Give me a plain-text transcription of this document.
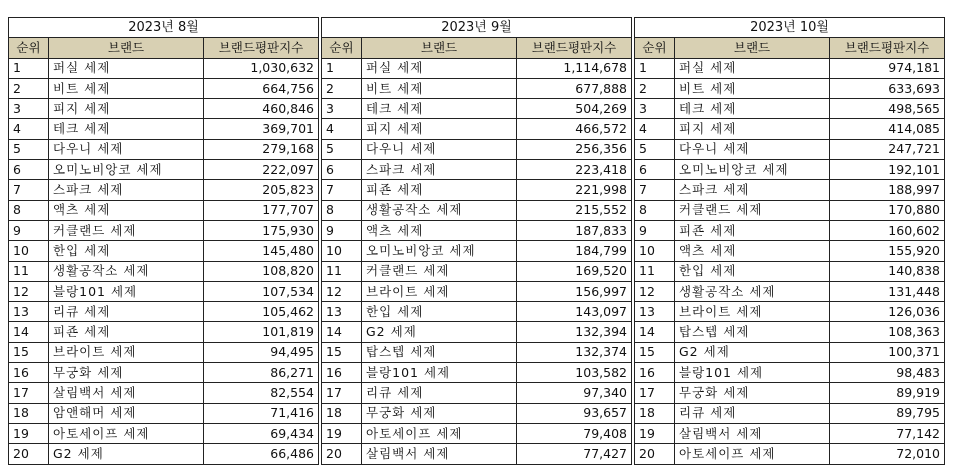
2023년 8월		
순위	브랜드	브랜드평판지수
1	퍼실 세제	1,030,632
2	비트 세제	664,756
3	피지 세제	460,846
4	테크 세제	369,701
5	다우니 세제	279,168
6	오미노비앙코 세제	222,097
7	스파크 세제	205,823
8	액츠 세제	177,707
9	커클랜드 세제	175,930
10	한입 세제	145,480
11	생활공작소 세제	108,820
12	블랑101 세제	107,534
13	리큐 세제	105,462
14	피죤 세제	101,819
15	브라이트 세제	94,495
16	무궁화 세제	86,271
17	살림백서 세제	82,554
18	암앤해머 세제	71,416
19	아토세이프 세제	69,434
20	G2 세제	66,486
2023년 9월		
순위	브랜드	브랜드평판지수
1	퍼실 세제	1,114,678
2	비트 세제	677,888
3	테크 세제	504,269
4	피지 세제	466,572
5	다우니 세제	256,356
6	스파크 세제	223,418
7	피죤 세제	221,998
8	생활공작소 세제	215,552
9	액츠 세제	187,833
10	오미노비앙코 세제	184,799
11	커클랜드 세제	169,520
12	브라이트 세제	156,997
13	한입 세제	143,097
14	G2 세제	132,394
15	탑스텝 세제	132,374
16	블랑101 세제	103,582
17	리큐 세제	97,340
18	무궁화 세제	93,657
19	아토세이프 세제	79,408
20	살림백서 세제	77,427
2023년 10월		
순위	브랜드	브랜드평판지수
1	퍼실 세제	974,181
2	비트 세제	633,693
3	테크 세제	498,565
4	피지 세제	414,085
5	다우니 세제	247,721
6	오미노비앙코 세제	192,101
7	스파크 세제	188,997
8	커클랜드 세제	170,880
9	피죤 세제	160,602
10	액츠 세제	155,920
11	한입 세제	140,838
12	생활공작소 세제	131,448
13	브라이트 세제	126,036
14	탑스텝 세제	108,363
15	G2 세제	100,371
16	블랑101 세제	98,483
17	무궁화 세제	89,919
18	리큐 세제	89,795
19	살림백서 세제	77,142
20	아토세이프 세제	72,010
